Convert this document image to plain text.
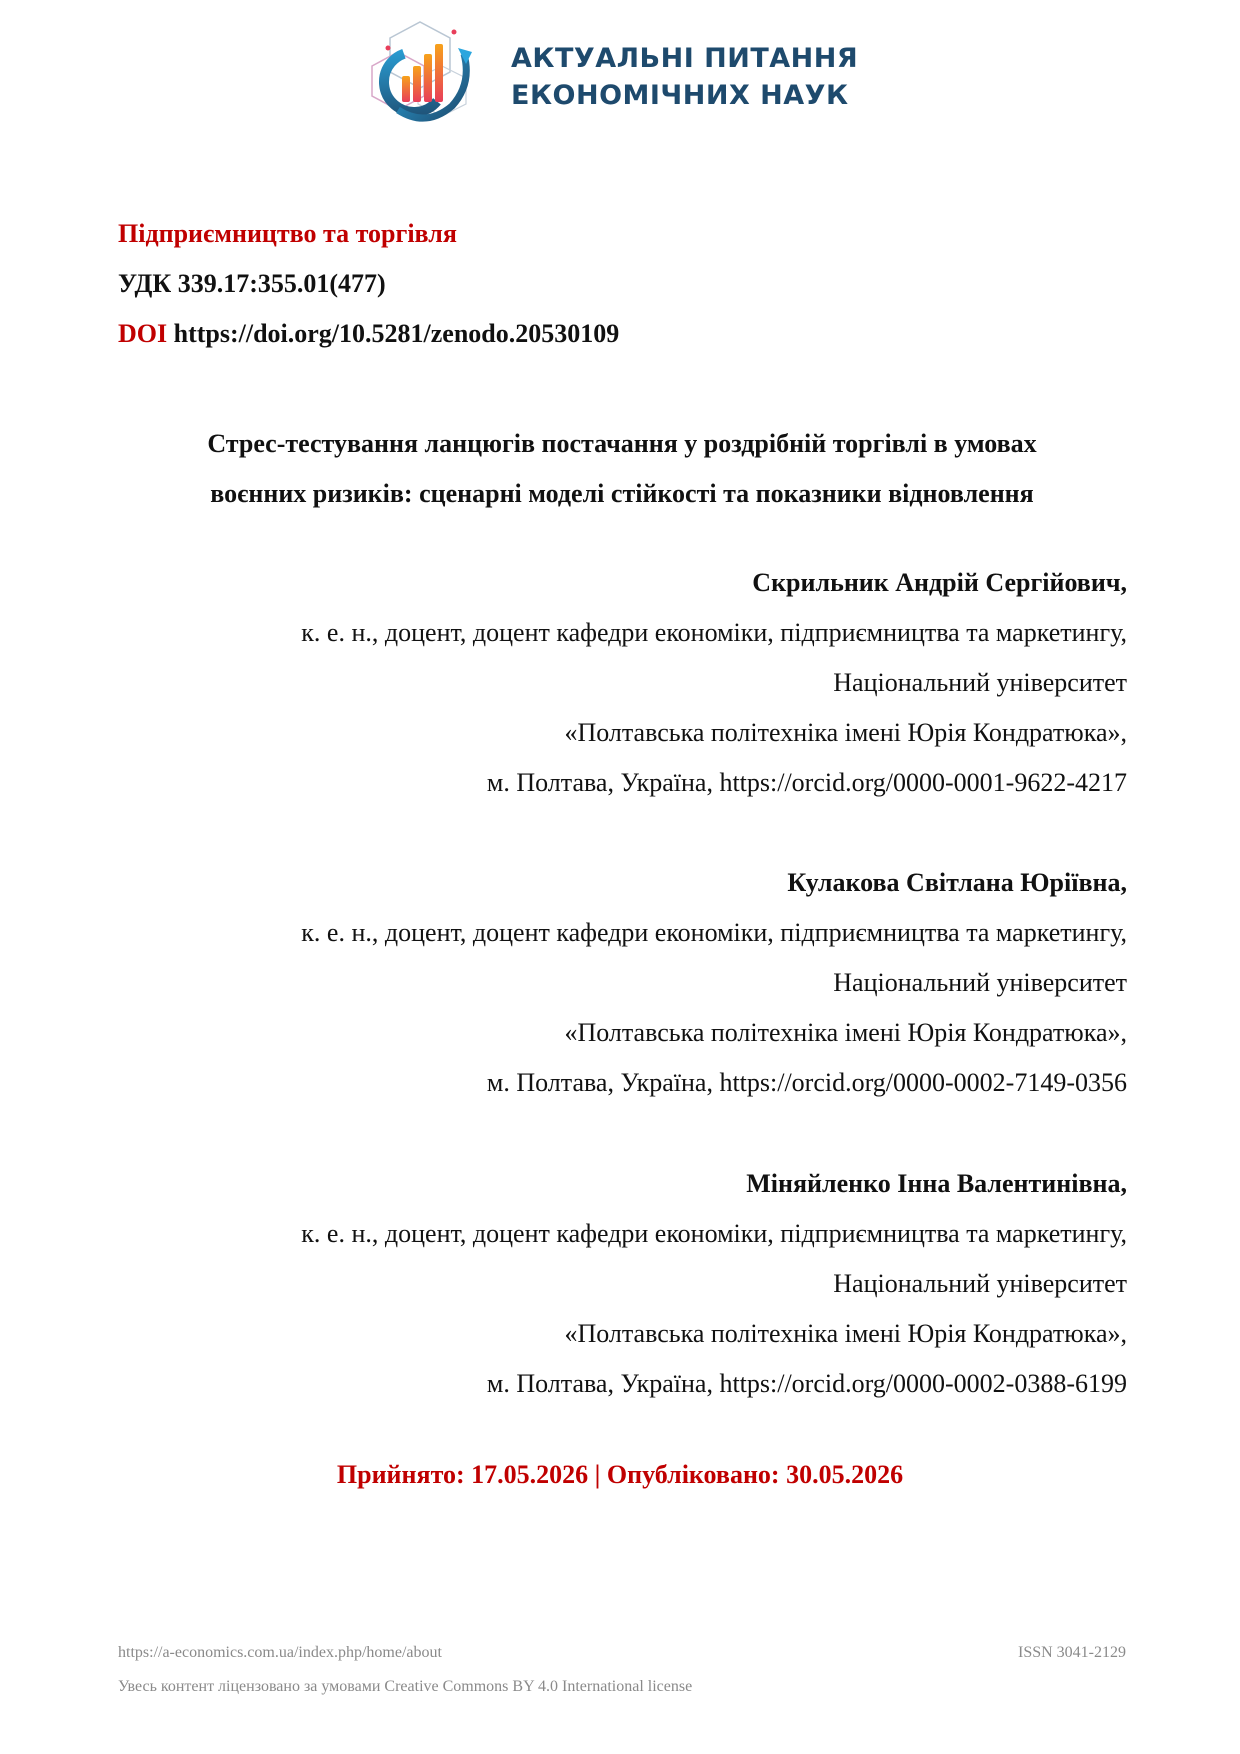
АКТУАЛЬНІ ПИТАННЯ
ЕКОНОМІЧНИХ НАУК
Підприємництво та торгівля
УДК 339.17:355.01(477)
DOI https://doi.org/10.5281/zenodo.20530109
Стрес-тестування ланцюгів постачання у роздрібній торгівлі в умовах
воєнних ризиків: сценарні моделі стійкості та показники відновлення
Скрильник Андрій Сергійович,
к. е. н., доцент, доцент кафедри економіки, підприємництва та маркетингу,
Національний університет
«Полтавська політехніка імені Юрія Кондратюка»,
м. Полтава, Україна, https://orcid.org/0000-0001-9622-4217
Кулакова Світлана Юріївна,
к. е. н., доцент, доцент кафедри економіки, підприємництва та маркетингу,
Національний університет
«Полтавська політехніка імені Юрія Кондратюка»,
м. Полтава, Україна, https://orcid.org/0000-0002-7149-0356
Міняйленко Інна Валентинівна,
к. е. н., доцент, доцент кафедри економіки, підприємництва та маркетингу,
Національний університет
«Полтавська політехніка імені Юрія Кондратюка»,
м. Полтава, Україна, https://orcid.org/0000-0002-0388-6199
Прийнято: 17.05.2026 | Опубліковано: 30.05.2026
https://a-economics.com.ua/index.php/home/about	ISSN 3041-2129
Увесь контент ліцензовано за умовами Creative Commons BY 4.0 International license
